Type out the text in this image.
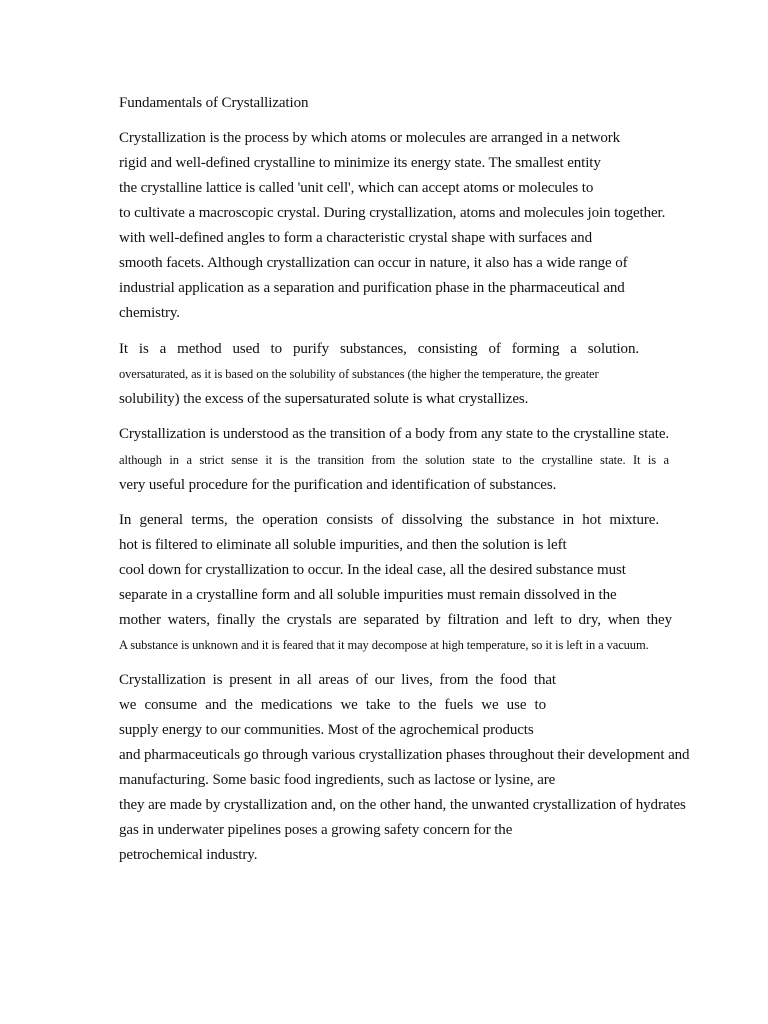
Fundamentals of Crystallization
Crystallization is the process by which atoms or molecules are arranged in a network
rigid and well-defined crystalline to minimize its energy state. The smallest entity
the crystalline lattice is called 'unit cell', which can accept atoms or molecules to
to cultivate a macroscopic crystal. During crystallization, atoms and molecules join together.
with well-defined angles to form a characteristic crystal shape with surfaces and
smooth facets. Although crystallization can occur in nature, it also has a wide range of
industrial application as a separation and purification phase in the pharmaceutical and
chemistry.
It is a method used to purify substances, consisting of forming a solution.
oversaturated, as it is based on the solubility of substances (the higher the temperature, the greater
solubility) the excess of the supersaturated solute is what crystallizes.
Crystallization is understood as the transition of a body from any state to the crystalline state.
although in a strict sense it is the transition from the solution state to the crystalline state. It is a
very useful procedure for the purification and identification of substances.
In general terms, the operation consists of dissolving the substance in hot mixture.
hot is filtered to eliminate all soluble impurities, and then the solution is left
cool down for crystallization to occur. In the ideal case, all the desired substance must
separate in a crystalline form and all soluble impurities must remain dissolved in the
mother waters, finally the crystals are separated by filtration and left to dry, when they
A substance is unknown and it is feared that it may decompose at high temperature, so it is left in a vacuum.
Crystallization is present in all areas of our lives, from the food that
we consume and the medications we take to the fuels we use to
supply energy to our communities. Most of the agrochemical products
and pharmaceuticals go through various crystallization phases throughout their development and
manufacturing. Some basic food ingredients, such as lactose or lysine, are
they are made by crystallization and, on the other hand, the unwanted crystallization of hydrates
gas in underwater pipelines poses a growing safety concern for the
petrochemical industry.
